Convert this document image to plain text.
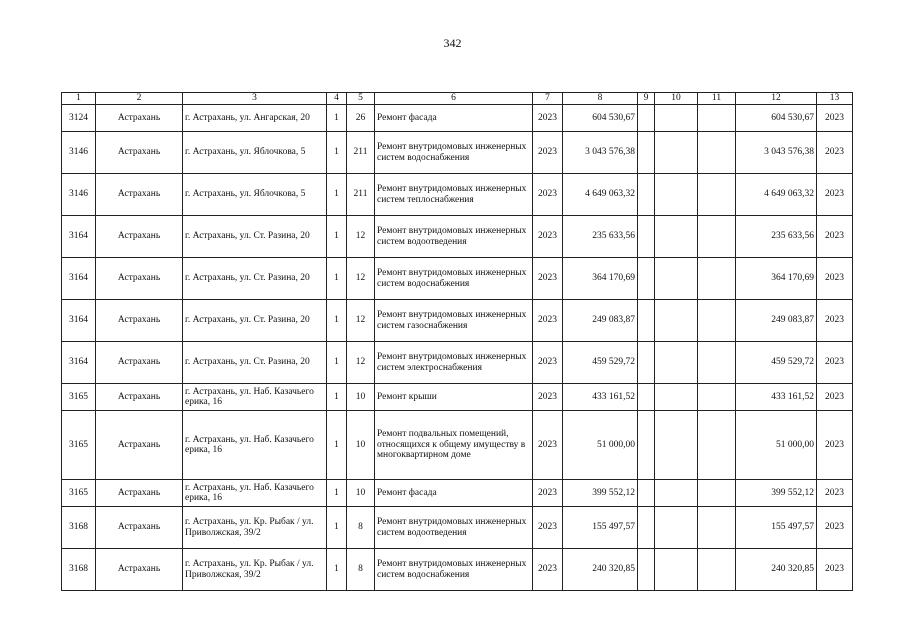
342
1	2	3	4	5	6	7	8	9	10	11	12	13
3124	Астрахань	г. Астрахань, ул. Ангарская, 20	1	26	Ремонт фасада	2023	604 530,67				604 530,67	2023
3146	Астрахань	г. Астрахань, ул. Яблочкова, 5	1	211	Ремонт внутридомовых инженерных систем водоснабжения	2023	3 043 576,38				3 043 576,38	2023
3146	Астрахань	г. Астрахань, ул. Яблочкова, 5	1	211	Ремонт внутридомовых инженерных систем теплоснабжения	2023	4 649 063,32				4 649 063,32	2023
3164	Астрахань	г. Астрахань, ул. Ст. Разина, 20	1	12	Ремонт внутридомовых инженерных систем водоотведения	2023	235 633,56				235 633,56	2023
3164	Астрахань	г. Астрахань, ул. Ст. Разина, 20	1	12	Ремонт внутридомовых инженерных систем водоснабжения	2023	364 170,69				364 170,69	2023
3164	Астрахань	г. Астрахань, ул. Ст. Разина, 20	1	12	Ремонт внутридомовых инженерных систем газоснабжения	2023	249 083,87				249 083,87	2023
3164	Астрахань	г. Астрахань, ул. Ст. Разина, 20	1	12	Ремонт внутридомовых инженерных систем электроснабжения	2023	459 529,72				459 529,72	2023
3165	Астрахань	г. Астрахань, ул. Наб. Казачьего ерика, 16	1	10	Ремонт крыши	2023	433 161,52				433 161,52	2023
3165	Астрахань	г. Астрахань, ул. Наб. Казачьего ерика, 16	1	10	Ремонт подвальных помещений, относящихся к общему имуществу в многоквартирном доме	2023	51 000,00				51 000,00	2023
3165	Астрахань	г. Астрахань, ул. Наб. Казачьего ерика, 16	1	10	Ремонт фасада	2023	399 552,12				399 552,12	2023
3168	Астрахань	г. Астрахань, ул. Кр. Рыбак / ул. Приволжская, 39/2	1	8	Ремонт внутридомовых инженерных систем водоотведения	2023	155 497,57				155 497,57	2023
3168	Астрахань	г. Астрахань, ул. Кр. Рыбак / ул. Приволжская, 39/2	1	8	Ремонт внутридомовых инженерных систем водоснабжения	2023	240 320,85				240 320,85	2023
